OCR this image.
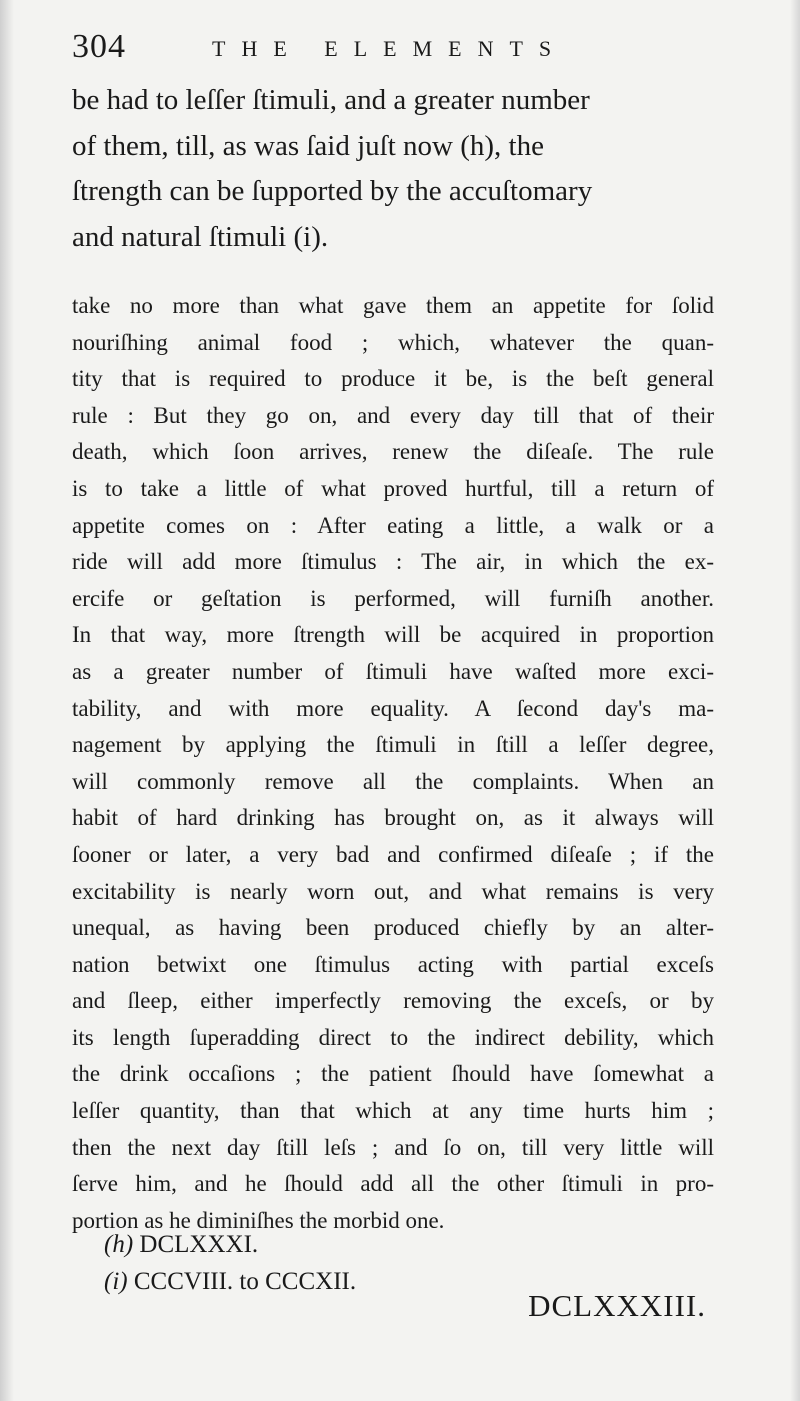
304	THE ELEMENTS
be had to leſſer ſtimuli, and a greater number
of them, till, as was ſaid juſt now (h), the
ſtrength can be ſupported by the accuſtomary
and natural ſtimuli (i).
take no more than what gave them an appetite for ſolid
nouriſhing animal food ; which, whatever the quan-
tity that is required to produce it be, is the beſt general
rule : But they go on, and every day till that of their
death, which ſoon arrives, renew the diſeaſe. The rule
is to take a little of what proved hurtful, till a return of
appetite comes on : After eating a little, a walk or a
ride will add more ſtimulus : The air, in which the ex-
ercife or geſtation is performed, will furniſh another.
In that way, more ſtrength will be acquired in proportion
as a greater number of ſtimuli have waſted more exci-
tability, and with more equality. A ſecond day's ma-
nagement by applying the ſtimuli in ſtill a leſſer degree,
will commonly remove all the complaints. When an
habit of hard drinking has brought on, as it always will
ſooner or later, a very bad and confirmed diſeaſe ; if the
excitability is nearly worn out, and what remains is very
unequal, as having been produced chiefly by an alter-
nation betwixt one ſtimulus acting with partial exceſs
and ſleep, either imperfectly removing the exceſs, or by
its length ſuperadding direct to the indirect debility, which
the drink occaſions ; the patient ſhould have ſomewhat a
leſſer quantity, than that which at any time hurts him ;
then the next day ſtill leſs ; and ſo on, till very little will
ſerve him, and he ſhould add all the other ſtimuli in pro-
portion as he diminiſhes the morbid one.
(h) DCLXXXI.
(i) CCCVIII. to CCCXII.
DCLXXXIII.
